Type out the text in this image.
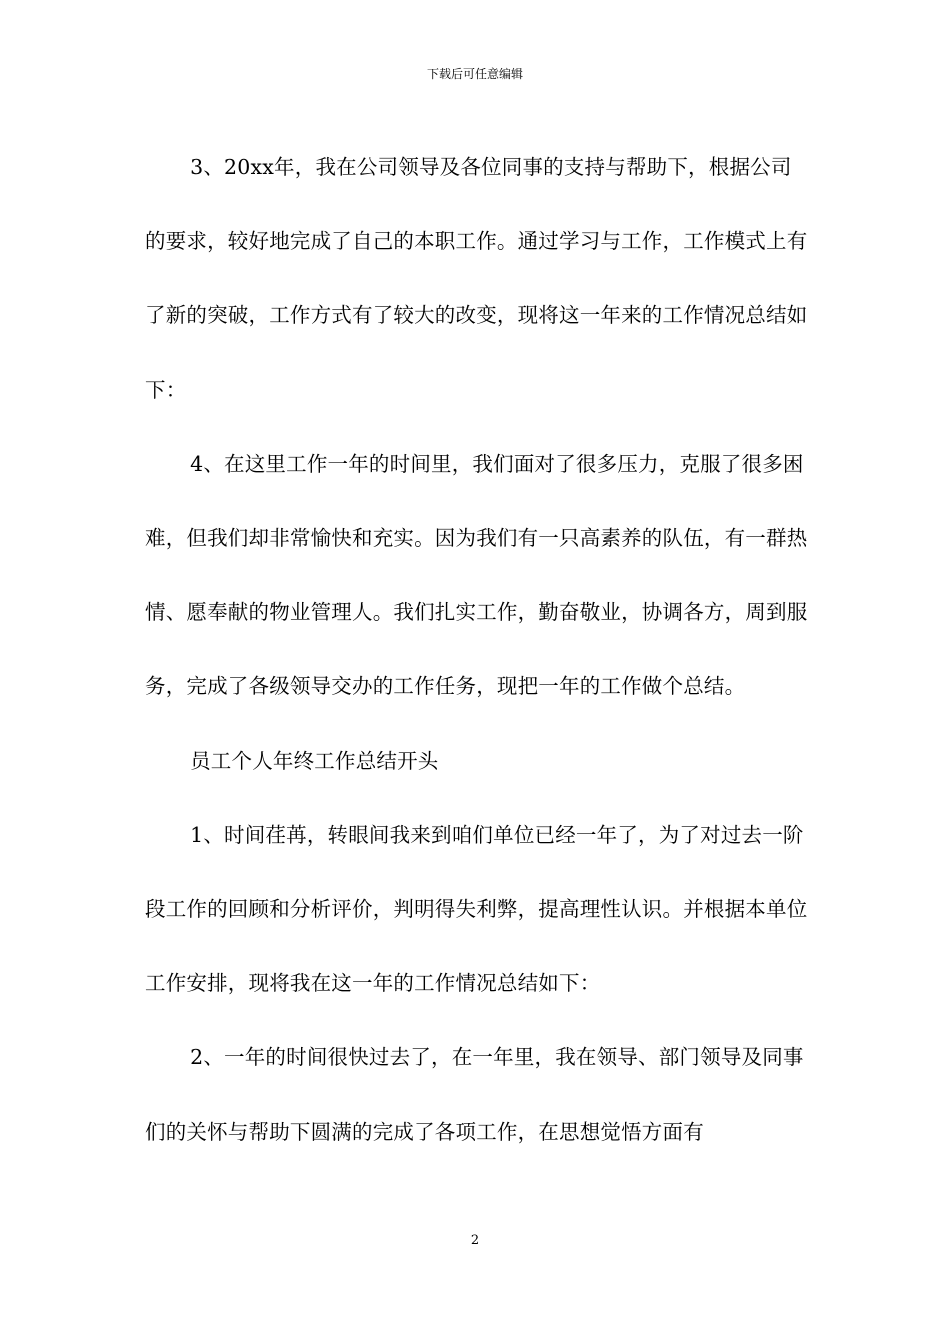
下载后可任意编辑

3、20xx年，我在公司领导及各位同事的支持与帮助下，根据公司的要求，较好地完成了自己的本职工作。通过学习与工作，工作模式上有了新的突破，工作方式有了较大的改变，现将这一年来的工作情况总结如下：

4、在这里工作一年的时间里，我们面对了很多压力，克服了很多困难，但我们却非常愉快和充实。因为我们有一只高素养的队伍，有一群热情、愿奉献的物业管理人。我们扎实工作，勤奋敬业，协调各方，周到服务，完成了各级领导交办的工作任务，现把一年的工作做个总结。

员工个人年终工作总结开头

1、时间荏苒，转眼间我来到咱们单位已经一年了，为了对过去一阶段工作的回顾和分析评价，判明得失利弊，提高理性认识。并根据本单位工作安排，现将我在这一年的工作情况总结如下：

2、一年的时间很快过去了，在一年里，我在领导、部门领导及同事们的关怀与帮助下圆满的完成了各项工作，在思想觉悟方面有

2
